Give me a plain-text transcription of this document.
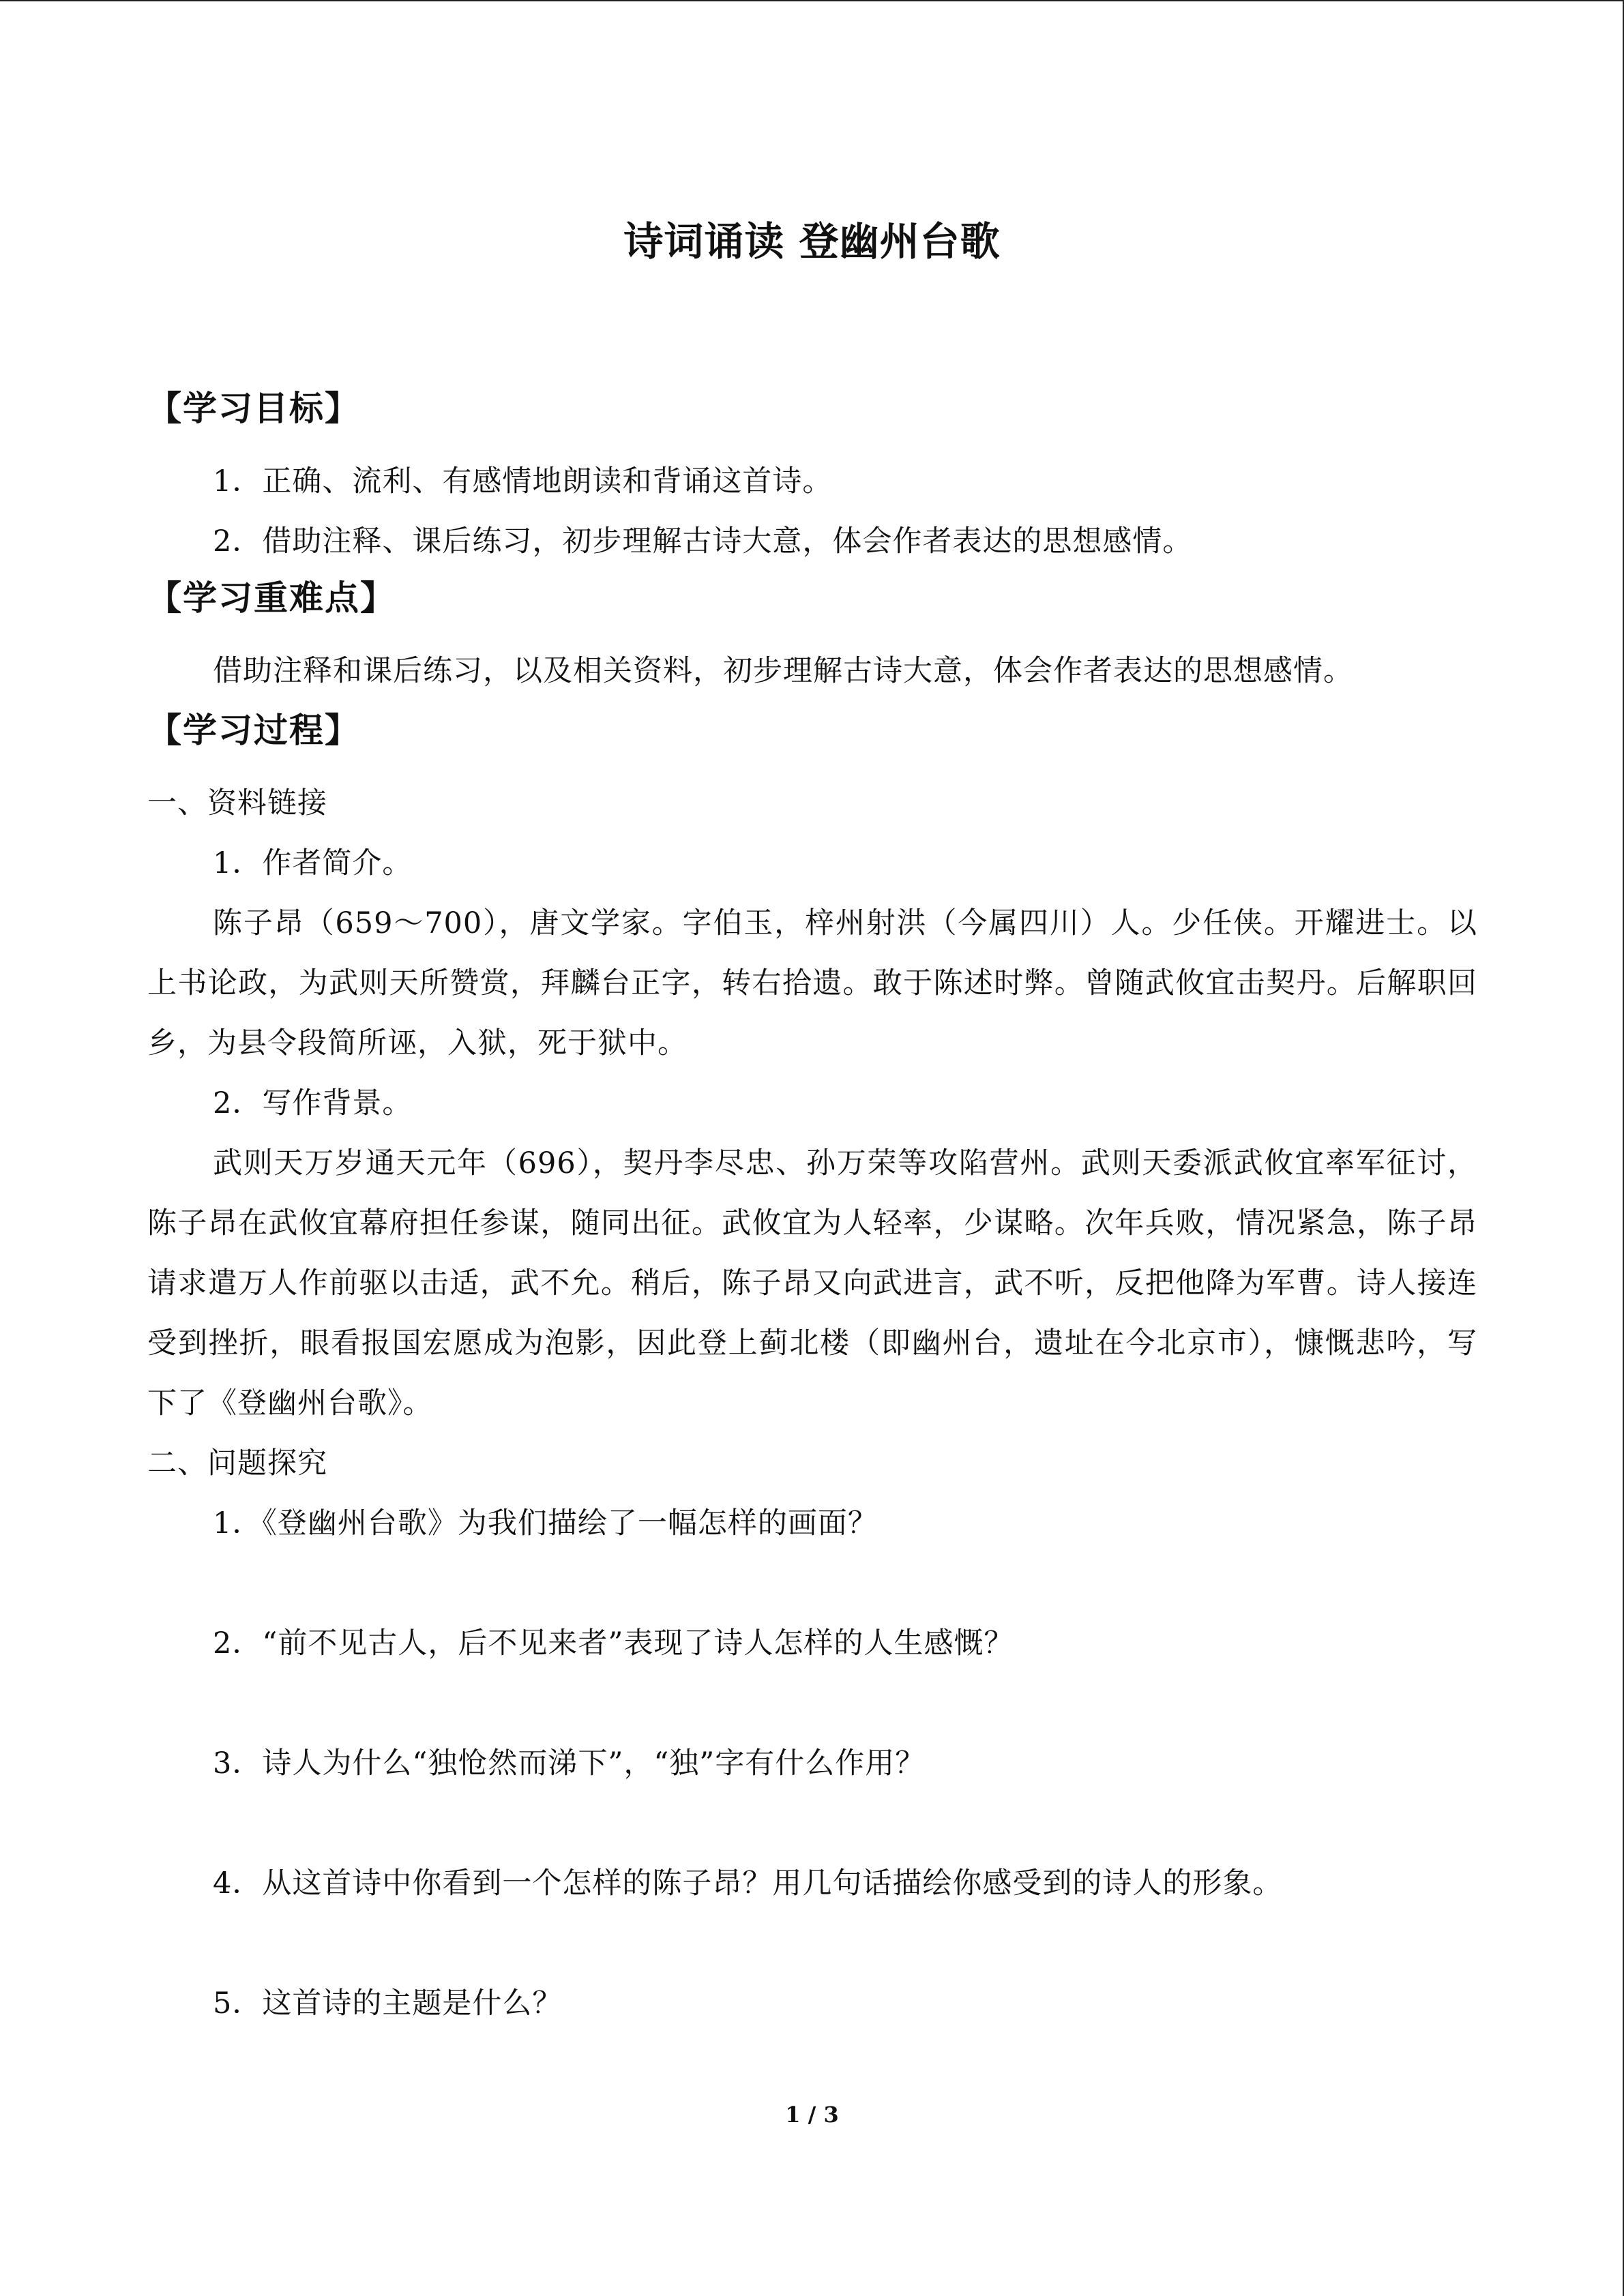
诗词诵读 登幽州台歌

【学习目标】

1．正确、流利、有感情地朗读和背诵这首诗。

2．借助注释、课后练习，初步理解古诗大意，体会作者表达的思想感情。

【学习重难点】

借助注释和课后练习，以及相关资料，初步理解古诗大意，体会作者表达的思想感情。

【学习过程】

一、资料链接

1．作者简介。

陈子昂（659～700），唐文学家。字伯玉，梓州射洪（今属四川）人。少任侠。开耀进士。以上书论政，为武则天所赞赏，拜麟台正字，转右拾遗。敢于陈述时弊。曾随武攸宜击契丹。后解职回乡，为县令段简所诬，入狱，死于狱中。

2．写作背景。

武则天万岁通天元年（696），契丹李尽忠、孙万荣等攻陷营州。武则天委派武攸宜率军征讨，陈子昂在武攸宜幕府担任参谋，随同出征。武攸宜为人轻率，少谋略。次年兵败，情况紧急，陈子昂请求遣万人作前驱以击适，武不允。稍后，陈子昂又向武进言，武不听，反把他降为军曹。诗人接连受到挫折，眼看报国宏愿成为泡影，因此登上蓟北楼（即幽州台，遗址在今北京市），慷慨悲吟，写下了《登幽州台歌》。

二、问题探究

1．《登幽州台歌》为我们描绘了一幅怎样的画面？

2．“前不见古人，后不见来者”表现了诗人怎样的人生感慨？

3．诗人为什么“独怆然而涕下”，“独”字有什么作用？

4．从这首诗中你看到一个怎样的陈子昂？用几句话描绘你感受到的诗人的形象。

5．这首诗的主题是什么？

1 / 3
